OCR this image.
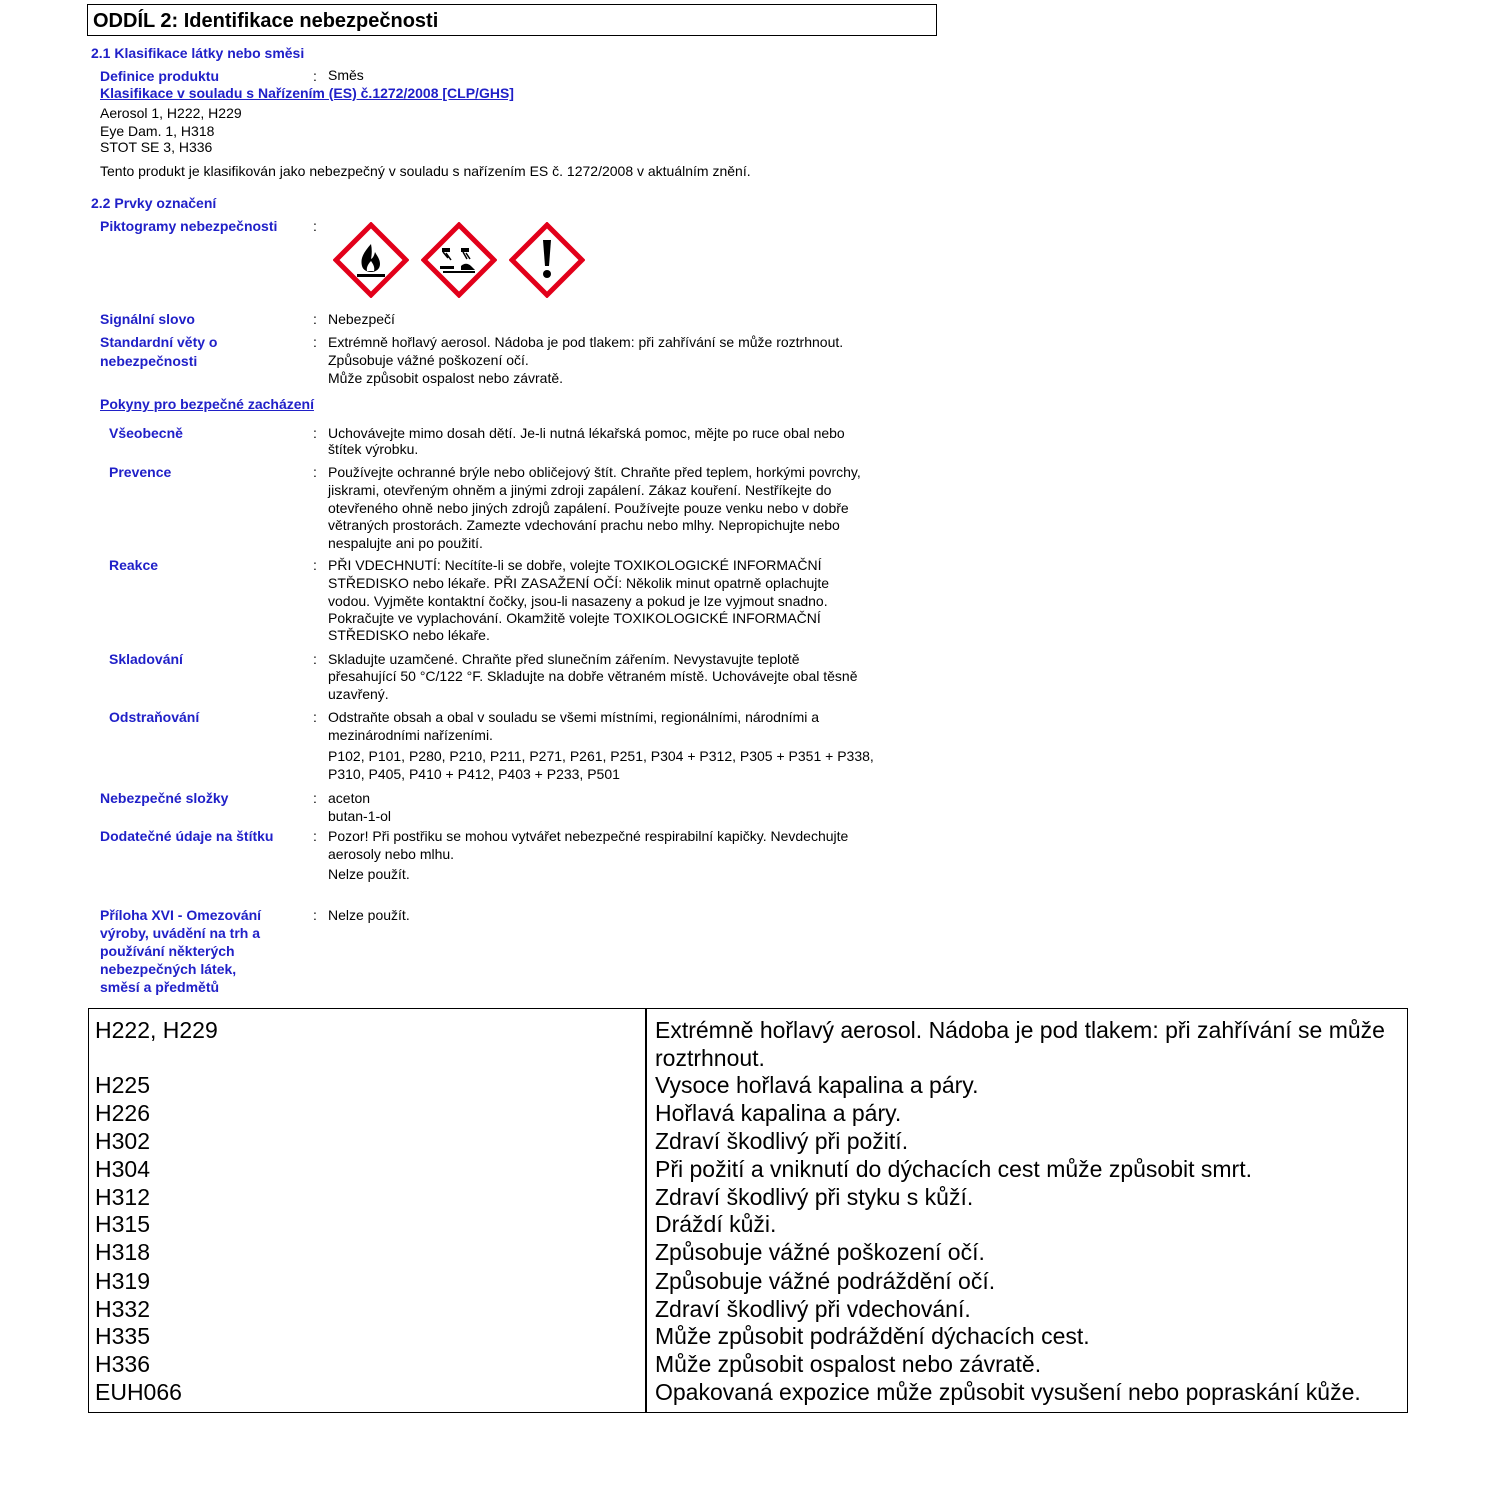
ODDÍL 2: Identifikace nebezpečnosti
2.1 Klasifikace látky nebo směsi
Definice produktu	: Směs
Klasifikace v souladu s Nařízením (ES) č.1272/2008 [CLP/GHS]
Aerosol 1, H222, H229
Eye Dam. 1, H318
STOT SE 3, H336
Tento produkt je klasifikován jako nebezpečný v souladu s nařízením ES č. 1272/2008 v aktuálním znění.
2.2 Prvky označení
Piktogramy nebezpečnosti	:
Signální slovo	: Nebezpečí
Standardní věty o
nebezpečnosti
: Extrémně hořlavý aerosol. Nádoba je pod tlakem: při zahřívání se může roztrhnout.
Způsobuje vážné poškození očí.
Může způsobit ospalost nebo závratě.
Pokyny pro bezpečné zacházení
Všeobecně	: Uchovávejte mimo dosah dětí. Je-li nutná lékařská pomoc, mějte po ruce obal nebo
štítek výrobku.
Prevence	: Používejte ochranné brýle nebo obličejový štít. Chraňte před teplem, horkými povrchy,
jiskrami, otevřeným ohněm a jinými zdroji zapálení. Zákaz kouření. Nestříkejte do
otevřeného ohně nebo jiných zdrojů zapálení. Používejte pouze venku nebo v dobře
větraných prostorách. Zamezte vdechování prachu nebo mlhy. Nepropichujte nebo
nespalujte ani po použití.
Reakce	: PŘI VDECHNUTÍ: Necítíte-li se dobře, volejte TOXIKOLOGICKÉ INFORMAČNÍ
STŘEDISKO nebo lékaře. PŘI ZASAŽENÍ OČÍ: Několik minut opatrně oplachujte
vodou. Vyjměte kontaktní čočky, jsou-li nasazeny a pokud je lze vyjmout snadno.
Pokračujte ve vyplachování. Okamžitě volejte TOXIKOLOGICKÉ INFORMAČNÍ
STŘEDISKO nebo lékaře.
Skladování	: Skladujte uzamčené. Chraňte před slunečním zářením. Nevystavujte teplotě
přesahující 50 °C/122 °F. Skladujte na dobře větraném místě. Uchovávejte obal těsně
uzavřený.
Odstraňování	: Odstraňte obsah a obal v souladu se všemi místními, regionálními, národními a
mezinárodními nařízeními.
P102, P101, P280, P210, P211, P271, P261, P251, P304 + P312, P305 + P351 + P338,
P310, P405, P410 + P412, P403 + P233, P501
Nebezpečné složky	: aceton
butan-1-ol
Dodatečné údaje na štítku	: Pozor! Při postřiku se mohou vytvářet nebezpečné respirabilní kapičky. Nevdechujte
aerosoly nebo mlhu.
Nelze použít.
Příloha XVI - Omezování
výroby, uvádění na trh a
používání některých
nebezpečných látek,
směsí a předmětů
: Nelze použít.
H222, H229	Extrémně hořlavý aerosol. Nádoba je pod tlakem: při zahřívání se může roztrhnout.
H225	Vysoce hořlavá kapalina a páry.
H226	Hořlavá kapalina a páry.
H302	Zdraví škodlivý při požití.
H304	Při požití a vniknutí do dýchacích cest může způsobit smrt.
H312	Zdraví škodlivý při styku s kůží.
H315	Dráždí kůži.
H318	Způsobuje vážné poškození očí.
H319	Způsobuje vážné podráždění očí.
H332	Zdraví škodlivý při vdechování.
H335	Může způsobit podráždění dýchacích cest.
H336	Může způsobit ospalost nebo závratě.
EUH066	Opakovaná expozice může způsobit vysušení nebo popraskání kůže.
